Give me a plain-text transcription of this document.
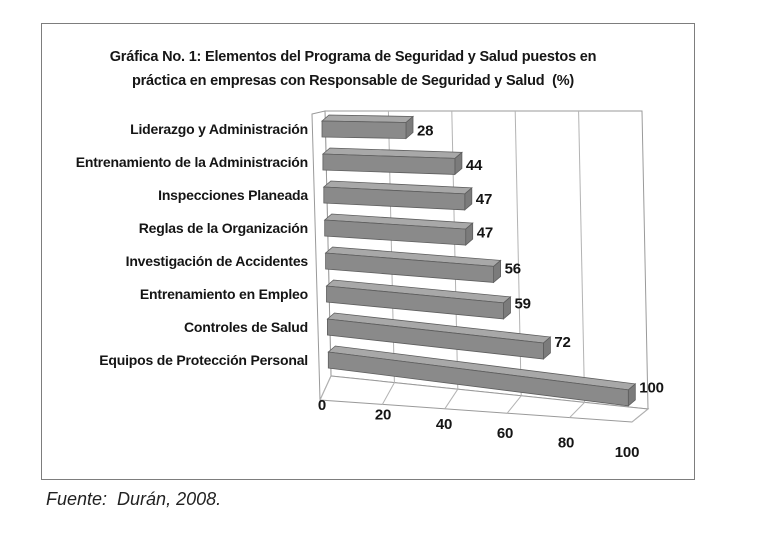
Gráfica No. 1: Elementos del Programa de Seguridad y Salud puestos en
práctica en empresas con Responsable de Seguridad y Salud  (%)
0
20
40
60
80
100
28
Liderazgo y Administración
44
Entrenamiento de la Administración
47
Inspecciones Planeada
47
Reglas de la Organización
56
Investigación de Accidentes
59
Entrenamiento en Empleo
72
Controles de Salud
100
Equipos de Protección Personal
Fuente:  Durán, 2008.
